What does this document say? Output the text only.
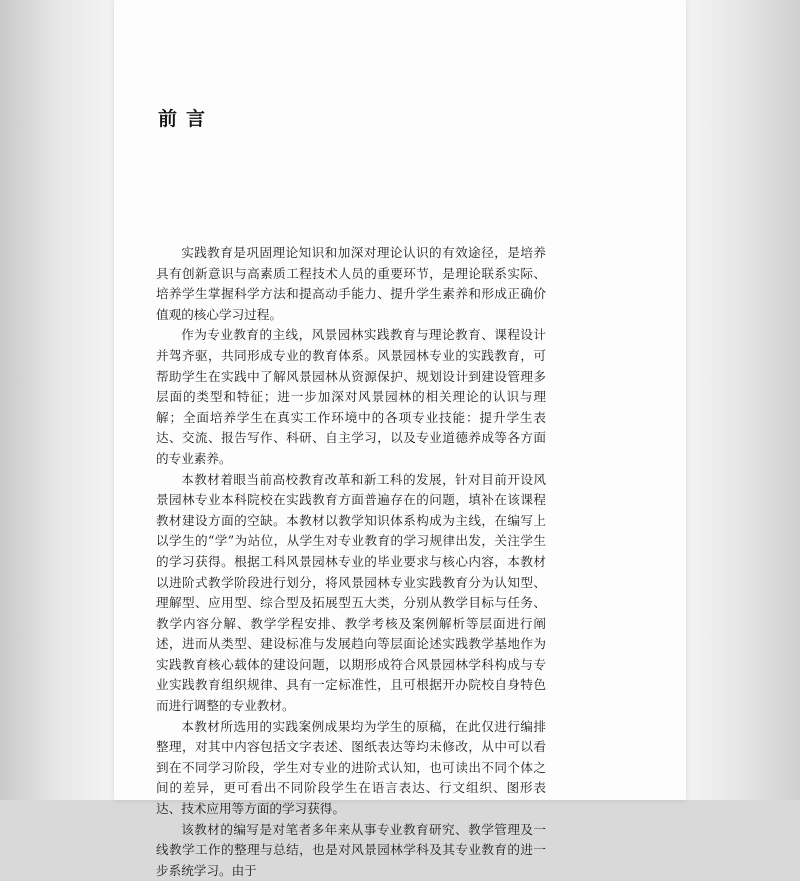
前言

实践教育是巩固理论知识和加深对理论认识的有效途径，是培养具有创新意识与高素质工程技术人员的重要环节，是理论联系实际、培养学生掌握科学方法和提高动手能力、提升学生素养和形成正确价值观的核心学习过程。

作为专业教育的主线，风景园林实践教育与理论教育、课程设计并驾齐驱，共同形成专业的教育体系。风景园林专业的实践教育，可帮助学生在实践中了解风景园林从资源保护、规划设计到建设管理多层面的类型和特征；进一步加深对风景园林的相关理论的认识与理解；全面培养学生在真实工作环境中的各项专业技能：提升学生表达、交流、报告写作、科研、自主学习，以及专业道德养成等各方面的专业素养。

本教材着眼当前高校教育改革和新工科的发展，针对目前开设风景园林专业本科院校在实践教育方面普遍存在的问题，填补在该课程教材建设方面的空缺。本教材以教学知识体系构成为主线，在编写上以学生的“学”为站位，从学生对专业教育的学习规律出发，关注学生的学习获得。根据工科风景园林专业的毕业要求与核心内容，本教材以进阶式教学阶段进行划分，将风景园林专业实践教育分为认知型、理解型、应用型、综合型及拓展型五大类，分别从教学目标与任务、教学内容分解、教学学程安排、教学考核及案例解析等层面进行阐述，进而从类型、建设标准与发展趋向等层面论述实践教学基地作为实践教育核心载体的建设问题，以期形成符合风景园林学科构成与专业实践教育组织规律、具有一定标准性，且可根据开办院校自身特色而进行调整的专业教材。

本教材所选用的实践案例成果均为学生的原稿，在此仅进行编排整理，对其中内容包括文字表述、图纸表达等均未修改，从中可以看到在不同学习阶段，学生对专业的进阶式认知，也可读出不同个体之间的差异，更可看出不同阶段学生在语言表达、行文组织、图形表达、技术应用等方面的学习获得。

该教材的编写是对笔者多年来从事专业教育研究、教学管理及一线教学工作的整理与总结，也是对风景园林学科及其专业教育的进一步系统学习。由于
